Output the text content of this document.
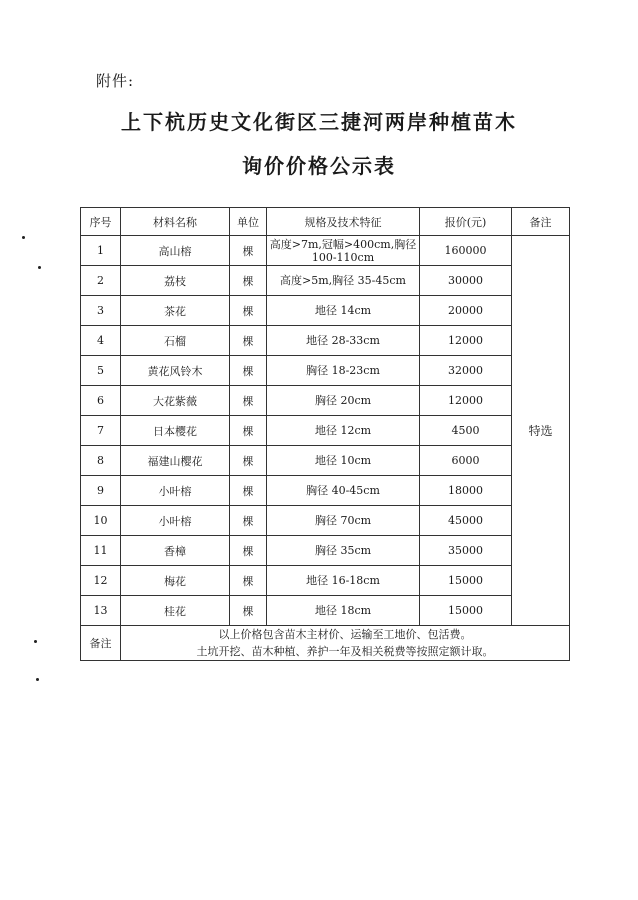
附件:
上下杭历史文化街区三捷河两岸种植苗木
询价价格公示表
序号	材料名称	单位	规格及技术特征	报价(元)	备注
1	高山榕	棵	高度>7m,冠幅>400cm,胸径 100-110cm	160000	特选
2	荔枝	棵	高度>5m,胸径 35-45cm	30000	
3	茶花	棵	地径 14cm	20000	
4	石榴	棵	地径 28-33cm	12000	
5	黄花风铃木	棵	胸径 18-23cm	32000	
6	大花紫薇	棵	胸径 20cm	12000	
7	日本樱花	棵	地径 12cm	4500	
8	福建山樱花	棵	地径 10cm	6000	
9	小叶榕	棵	胸径 40-45cm	18000	
10	小叶榕	棵	胸径 70cm	45000	
11	香樟	棵	胸径 35cm	35000	
12	梅花	棵	地径 16-18cm	15000	
13	桂花	棵	地径 18cm	15000	
备注	以上价格包含苗木主材价、运输至工地价、包活费。
土坑开挖、苗木种植、养护一年及相关税费等按照定额计取。				
